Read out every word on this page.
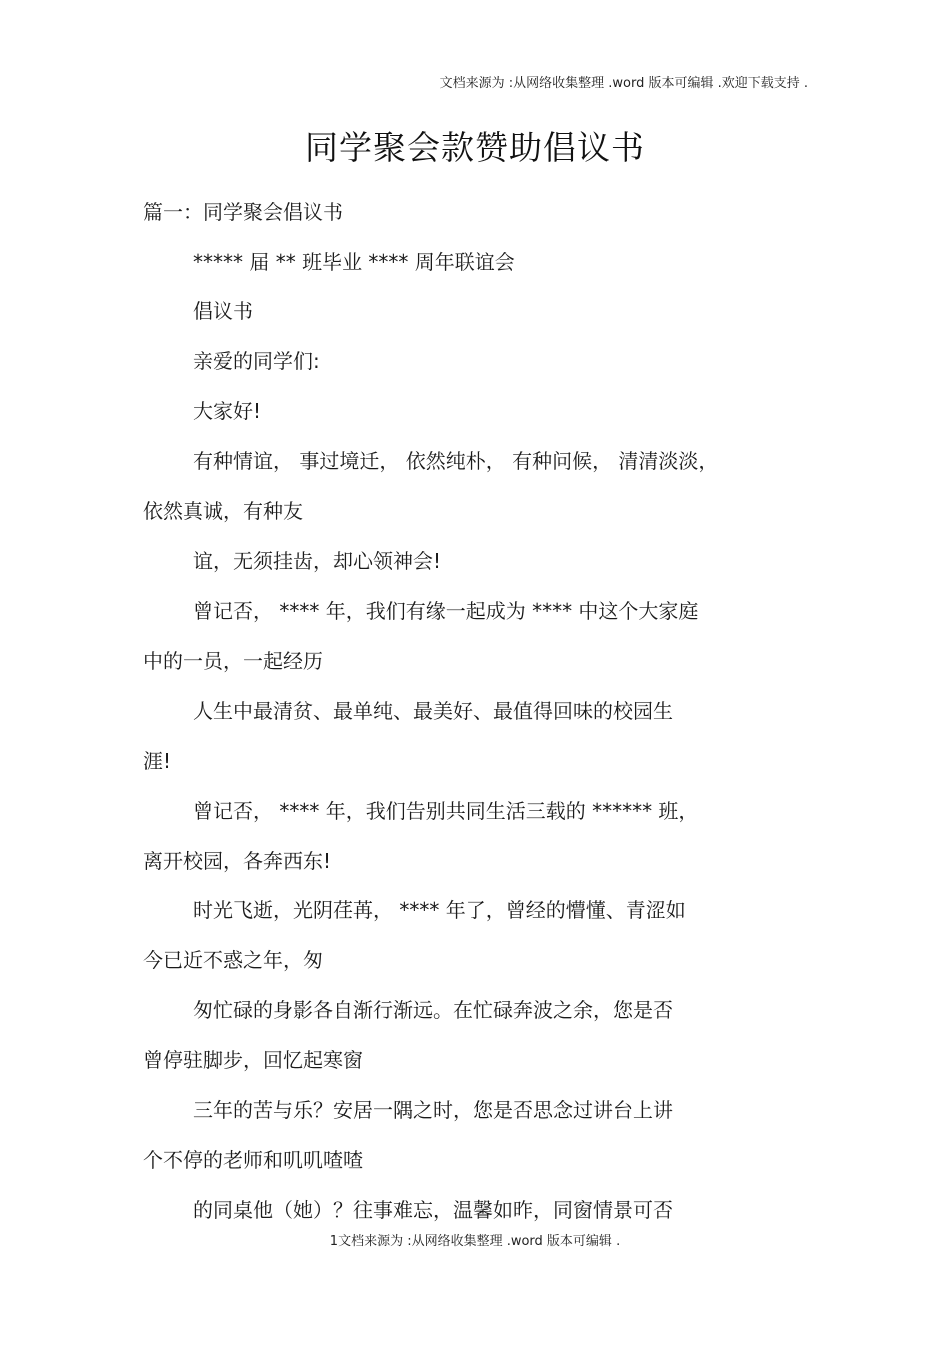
文档来源为 :从网络收集整理 .word 版本可编辑 .欢迎下载支持 .
同学聚会款赞助倡议书
篇一：同学聚会倡议书
***** 届 ** 班毕业 **** 周年联谊会
倡议书
亲爱的同学们:
大家好!
有种情谊， 事过境迁， 依然纯朴， 有种问候， 清清淡淡，
依然真诚，有种友
谊，无须挂齿，却心领神会!
曾记否， **** 年，我们有缘一起成为 **** 中这个大家庭
中的一员，一起经历
人生中最清贫、最单纯、最美好、最值得回味的校园生
涯!
曾记否， **** 年，我们告别共同生活三载的 ****** 班，
离开校园，各奔西东!
时光飞逝，光阴荏苒， **** 年了，曾经的懵懂、青涩如
今已近不惑之年，匆
匆忙碌的身影各自渐行渐远。在忙碌奔波之余，您是否
曾停驻脚步，回忆起寒窗
三年的苦与乐？安居一隅之时，您是否思念过讲台上讲
个不停的老师和叽叽喳喳
的同桌他（她）？往事难忘，温馨如昨，同窗情景可否
1文档来源为 :从网络收集整理 .word 版本可编辑 .
